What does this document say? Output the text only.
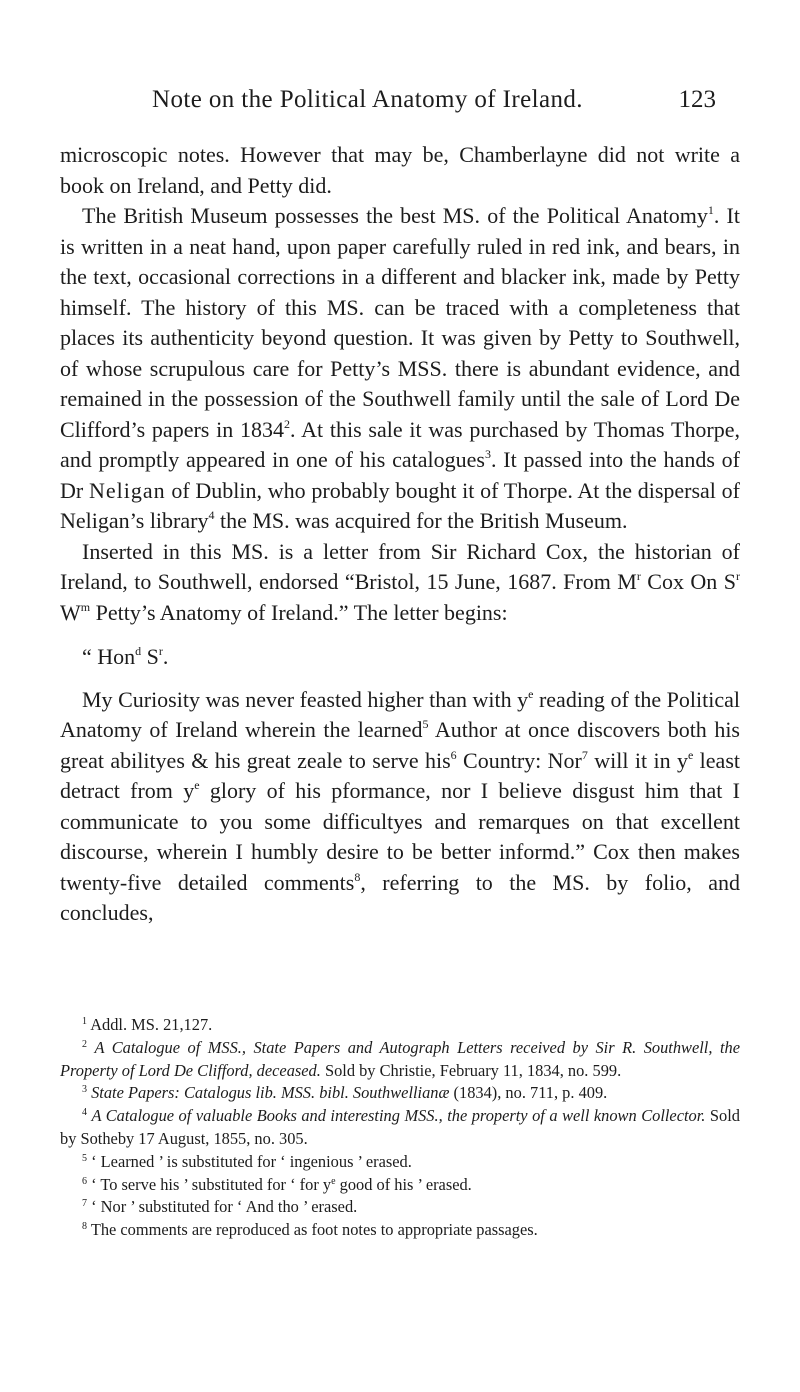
Note on the Political Anatomy of Ireland.	123

microscopic notes. However that may be, Chamberlayne did not write a book on Ireland, and Petty did.

The British Museum possesses the best MS. of the Political Anatomy$^1$. It is written in a neat hand, upon paper carefully ruled in red ink, and bears, in the text, occasional corrections in a different and blacker ink, made by Petty himself. The history of this MS. can be traced with a completeness that places its authenticity beyond question. It was given by Petty to Southwell, of whose scrupulous care for Petty’s MSS. there is abundant evidence, and remained in the possession of the Southwell family until the sale of Lord De Clifford’s papers in 1834$^2$. At this sale it was purchased by Thomas Thorpe, and promptly appeared in one of his catalogues$^3$. It passed into the hands of Dr Neligan of Dublin, who probably bought it of Thorpe. At the dispersal of Neligan’s library$^4$ the MS. was acquired for the British Museum.

Inserted in this MS. is a letter from Sir Richard Cox, the historian of Ireland, to Southwell, endorsed “Bristol, 15 June, 1687. From $M^r$ Cox On $S^r$ $W^m$ Petty’s Anatomy of Ireland.” The letter begins:

“ Hon$^d$ $S^r$.

My Curiosity was never feasted higher than with $y^e$ reading of the Political Anatomy of Ireland wherein the learned$^5$ Author at once discovers both his great abilityes & his great zeale to serve his$^6$ Country: Nor$^7$ will it in $y^e$ least detract from $y^e$ glory of his pformance, nor I believe disgust him that I communicate to you some difficultyes and remarques on that excellent discourse, wherein I humbly desire to be better informd.” Cox then makes twenty-five detailed comments$^8$, referring to the MS. by folio, and concludes,

$^1$ Addl. MS. 21,127.

$^2$ A Catalogue of MSS., State Papers and Autograph Letters received by Sir R. Southwell, the Property of Lord De Clifford, deceased. Sold by Christie, February 11, 1834, no. 599.

$^3$ State Papers: Catalogus lib. MSS. bibl. Southwellianæ (1834), no. 711, p. 409.

$^4$ A Catalogue of valuable Books and interesting MSS., the property of a well known Collector. Sold by Sotheby 17 August, 1855, no. 305.

$^5$ ‘ Learned ’ is substituted for ‘ ingenious ’ erased.

$^6$ ‘ To serve his ’ substituted for ‘ for $y^e$ good of his ’ erased.

$^7$ ‘ Nor ’ substituted for ‘ And tho ’ erased.

$^8$ The comments are reproduced as foot notes to appropriate passages.
